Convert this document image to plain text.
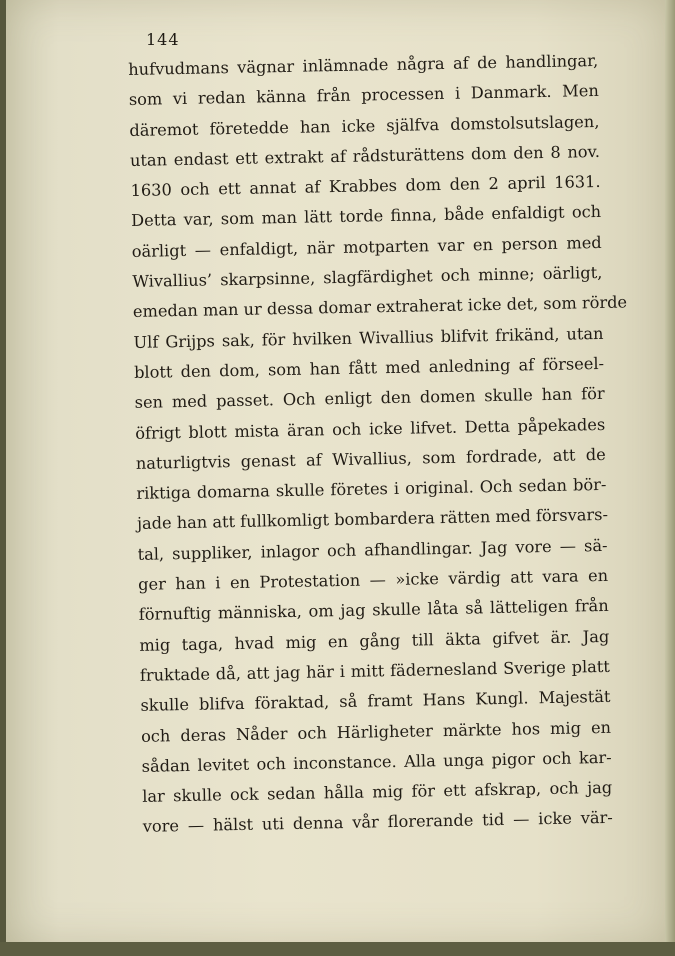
144
hufvudmans vägnar inlämnade några af de handlingar,
som vi redan känna från processen i Danmark. Men
däremot företedde han icke själfva domstolsutslagen,
utan endast ett extrakt af rådsturättens dom den 8 nov.
1630 och ett annat af Krabbes dom den 2 april 1631.
Detta var, som man lätt torde finna, både enfaldigt och
oärligt — enfaldigt, när motparten var en person med
Wivallius’ skarpsinne, slagfärdighet och minne; oärligt,
emedan man ur dessa domar extraherat icke det, som rörde
Ulf Grijps sak, för hvilken Wivallius blifvit frikänd, utan
blott den dom, som han fått med anledning af förseel-
sen med passet. Och enligt den domen skulle han för
öfrigt blott mista äran och icke lifvet. Detta påpekades
naturligtvis genast af Wivallius, som fordrade, att de
riktiga domarna skulle företes i original. Och sedan bör-
jade han att fullkomligt bombardera rätten med försvars-
tal, suppliker, inlagor och afhandlingar. Jag vore — sä-
ger han i en Protestation — »icke värdig att vara en
förnuftig människa, om jag skulle låta så lätteligen från
mig taga, hvad mig en gång till äkta gifvet är. Jag
fruktade då, att jag här i mitt fädernesland Sverige platt
skulle blifva föraktad, så framt Hans Kungl. Majestät
och deras Nåder och Härligheter märkte hos mig en
sådan levitet och inconstance. Alla unga pigor och kar-
lar skulle ock sedan hålla mig för ett afskrap, och jag
vore — hälst uti denna vår florerande tid — icke vär-
